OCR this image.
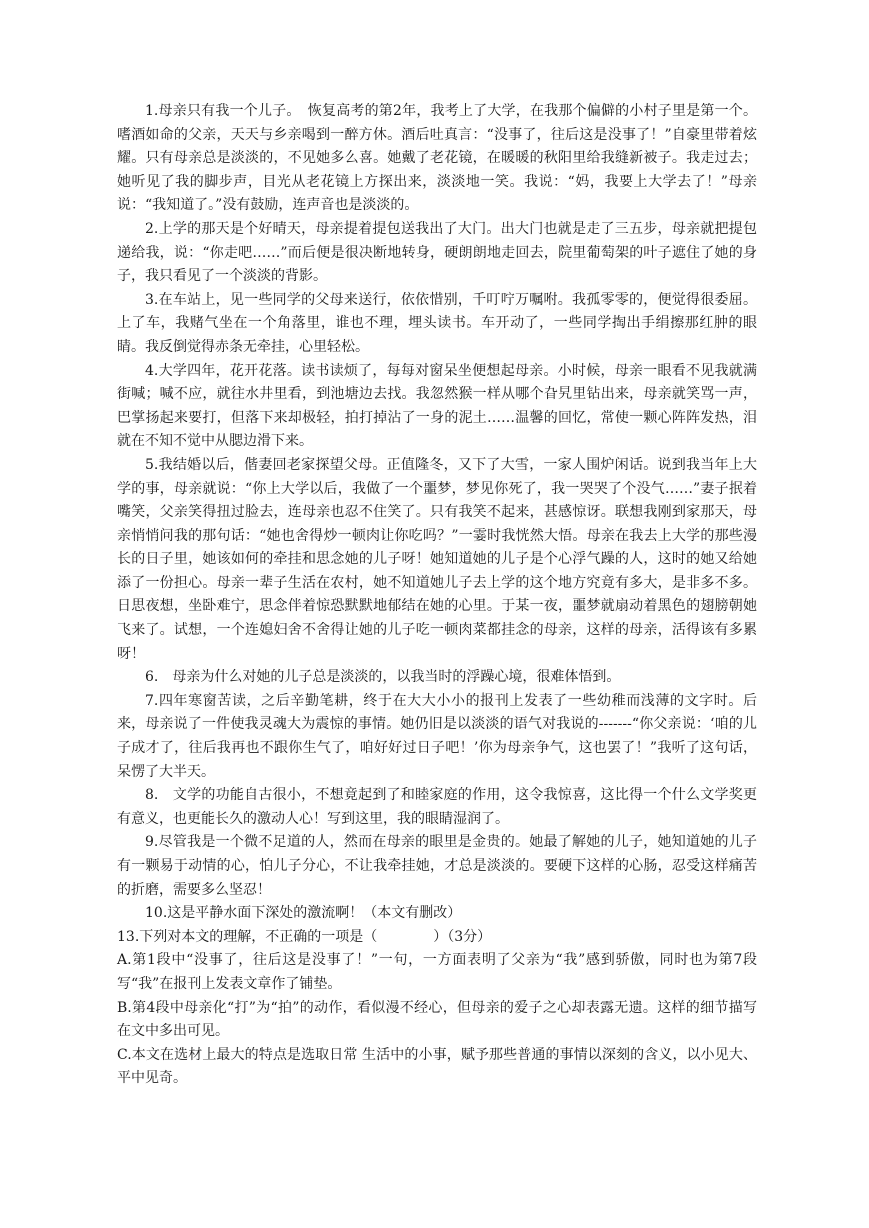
1.母亲只有我一个儿子。　恢复高考的第2年，我考上了大学，在我那个偏僻的小村子里是第一个。嗜酒如命的父亲，天天与乡亲喝到一醉方休。酒后吐真言：“没事了，往后这是没事了！”自豪里带着炫耀。只有母亲总是淡淡的，不见她多么喜。她戴了老花镜，在暖暖的秋阳里给我缝新被子。我走过去；她听见了我的脚步声，目光从老花镜上方探出来，淡淡地一笑。我说：“妈，我要上大学去了！”母亲说：“我知道了。”没有鼓励，连声音也是淡淡的。

2.上学的那天是个好晴天，母亲提着提包送我出了大门。出大门也就是走了三五步，母亲就把提包递给我，说：“你走吧……”而后便是很决断地转身，硬朗朗地走回去，院里葡萄架的叶子遮住了她的身子，我只看见了一个淡淡的背影。

3.在车站上，见一些同学的父母来送行，依依惜别，千叮咛万嘱咐。我孤零零的，便觉得很委屈。上了车，我赌气坐在一个角落里，谁也不理，埋头读书。车开动了，一些同学掏出手绢擦那红肿的眼睛。我反倒觉得赤条无牵挂，心里轻松。

4.大学四年，花开花落。读书读烦了，每每对窗呆坐便想起母亲。小时候，母亲一眼看不见我就满街喊；喊不应，就往水井里看，到池塘边去找。我忽然猴一样从哪个旮旯里钻出来，母亲就笑骂一声，巴掌扬起来要打，但落下来却极轻，拍打掉沾了一身的泥土……温馨的回忆，常使一颗心阵阵发热，泪就在不知不觉中从腮边滑下来。

5.我结婚以后，偕妻回老家探望父母。正值隆冬，又下了大雪，一家人围炉闲话。说到我当年上大学的事，母亲就说：“你上大学以后，我做了一个噩梦，梦见你死了，我一哭哭了个没气……”妻子抿着嘴笑，父亲笑得扭过脸去，连母亲也忍不住笑了。只有我笑不起来，甚感惊讶。联想我刚到家那天，母亲悄悄问我的那句话：“她也舍得炒一顿肉让你吃吗？”一霎时我恍然大悟。母亲在我去上大学的那些漫长的日子里，她该如何的牵挂和思念她的儿子呀！她知道她的儿子是个心浮气躁的人，这时的她又给她添了一份担心。母亲一辈子生活在农村，她不知道她儿子去上学的这个地方究竟有多大，是非多不多。日思夜想，坐卧难宁，思念伴着惊恐默默地郁结在她的心里。于某一夜，噩梦就扇动着黑色的翅膀朝她飞来了。试想，一个连媳妇舍不舍得让她的儿子吃一顿肉菜都挂念的母亲，这样的母亲，活得该有多累呀！

6.　母亲为什么对她的儿子总是淡淡的，以我当时的浮躁心境，很难体悟到。

7.四年寒窗苦读，之后辛勤笔耕，终于在大大小小的报刊上发表了一些幼稚而浅薄的文字时。后来，母亲说了一件使我灵魂大为震惊的事情。她仍旧是以淡淡的语气对我说的-------“你父亲说：‘咱的儿子成才了，往后我再也不跟你生气了，咱好好过日子吧！’你为母亲争气，这也罢了！”我听了这句话，呆愣了大半天。

8.　文学的功能自古很小，不想竟起到了和睦家庭的作用，这令我惊喜，这比得一个什么文学奖更有意义，也更能长久的激动人心！写到这里，我的眼睛湿润了。

9.尽管我是一个微不足道的人，然而在母亲的眼里是金贵的。她最了解她的儿子，她知道她的儿子有一颗易于动情的心，怕儿子分心，不让我牵挂她，才总是淡淡的。要硬下这样的心肠，忍受这样痛苦的折磨，需要多么坚忍！

10.这是平静水面下深处的激流啊！（本文有删改）

13.下列对本文的理解，不正确的一项是（　　　　）（3分）

A.第1段中“没事了，往后这是没事了！”一句，一方面表明了父亲为“我”感到骄傲，同时也为第7段写“我”在报刊上发表文章作了铺垫。

B.第4段中母亲化“打”为“拍”的动作，看似漫不经心，但母亲的爱子之心却表露无遗。这样的细节描写在文中多出可见。

C.本文在选材上最大的特点是选取日常 生活中的小事，赋予那些普通的事情以深刻的含义，以小见大、平中见奇。
